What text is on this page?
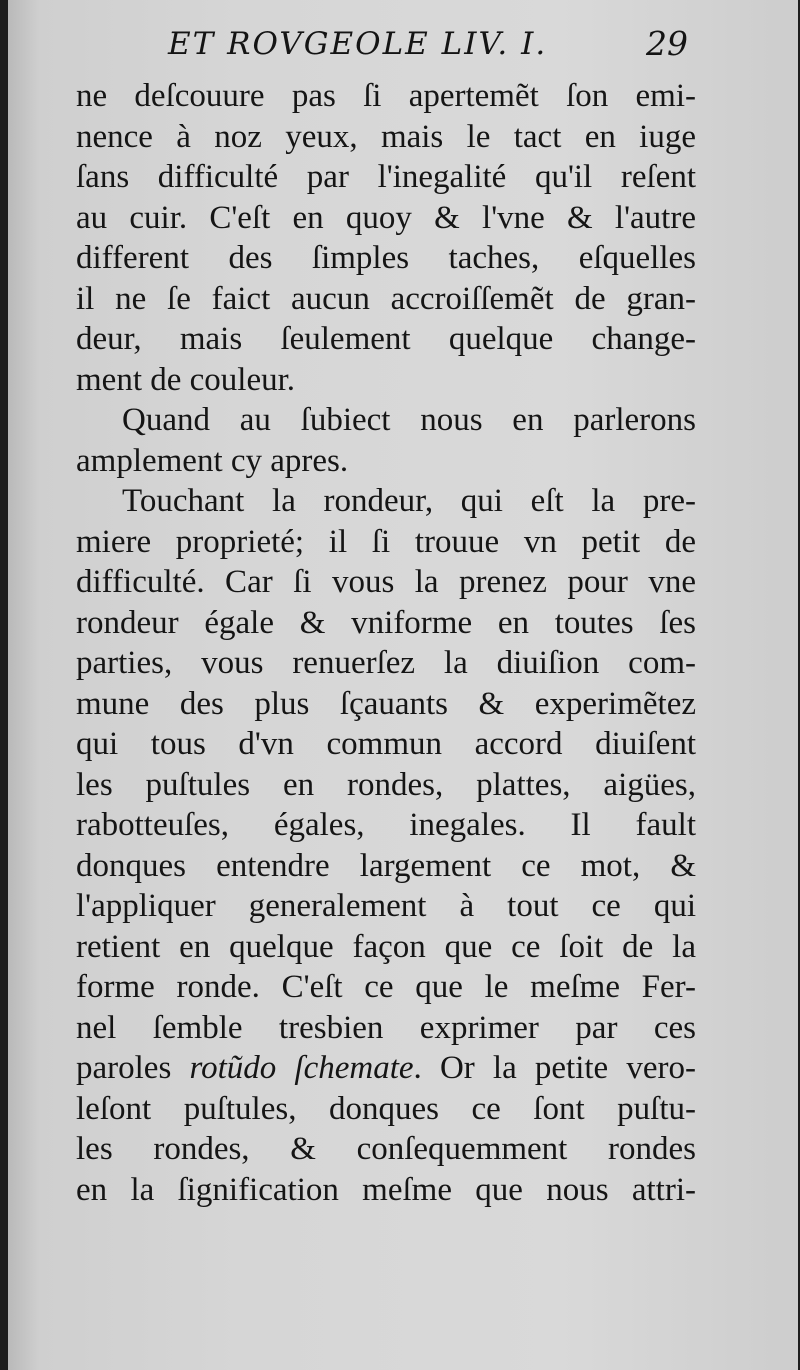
ET ROVGEOLE LIV. I.	29
ne deſcouure pas ſi apertemẽt ſon emi-
nence à noz yeux, mais le tact en iuge
ſans difficulté par l'inegalité qu'il reſent
au cuir. C'eſt en quoy & l'vne & l'autre
different des ſimples taches, eſquelles
il ne ſe faict aucun accroiſſemẽt de gran-
deur, mais ſeulement quelque change-
ment de couleur.
Quand au ſubiect nous en parlerons
amplement cy apres.
Touchant la rondeur, qui eſt la pre-
miere proprieté; il ſi trouue vn petit de
difficulté. Car ſi vous la prenez pour vne
rondeur égale & vniforme en toutes ſes
parties, vous renuerſez la diuiſion com-
mune des plus ſçauants & experimẽtez
qui tous d'vn commun accord diuiſent
les puſtules en rondes, plattes, aigües,
rabotteuſes, égales, inegales. Il fault
donques entendre largement ce mot, &
l'appliquer generalement à tout ce qui
retient en quelque façon que ce ſoit de la
forme ronde. C'eſt ce que le meſme Fer-
nel ſemble tresbien exprimer par ces
paroles rotũdo ſchemate. Or la petite vero-
leſont puſtules, donques ce ſont puſtu-
les rondes, & conſequemment rondes
en la ſignification meſme que nous attri-
